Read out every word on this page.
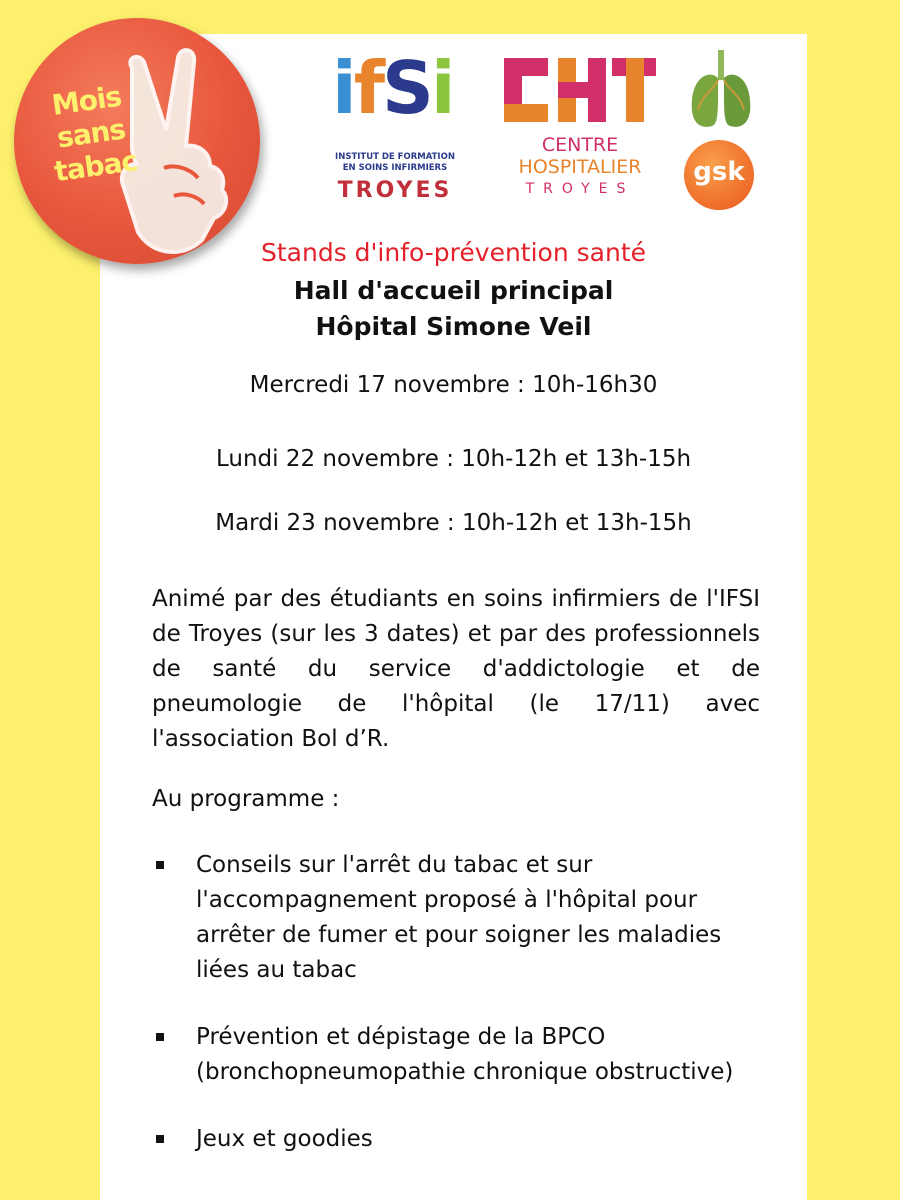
Mois
sans
tabac
ifSi
INSTITUT DE FORMATION
EN SOINS INFIRMIERS
TROYES
CENTRE
HOSPITALIER
TROYES
gsk
Stands d'info-prévention santé
Hall d'accueil principal
Hôpital Simone Veil
Mercredi 17 novembre : 10h-16h30
Lundi 22 novembre : 10h-12h et 13h-15h
Mardi 23 novembre : 10h-12h et 13h-15h
Animé par des étudiants en soins infirmiers de l'IFSI de Troyes (sur les 3 dates) et par des professionnels de santé du service d'addictologie et de pneumologie de l'hôpital (le 17/11) avec l'association Bol d’R.
Au programme :
Conseils sur l'arrêt du tabac et sur l'accompagnement proposé à l'hôpital pour arrêter de fumer et pour soigner les maladies liées au tabac
Prévention et dépistage de la BPCO (bronchopneumopathie chronique obstructive)
Jeux et goodies
